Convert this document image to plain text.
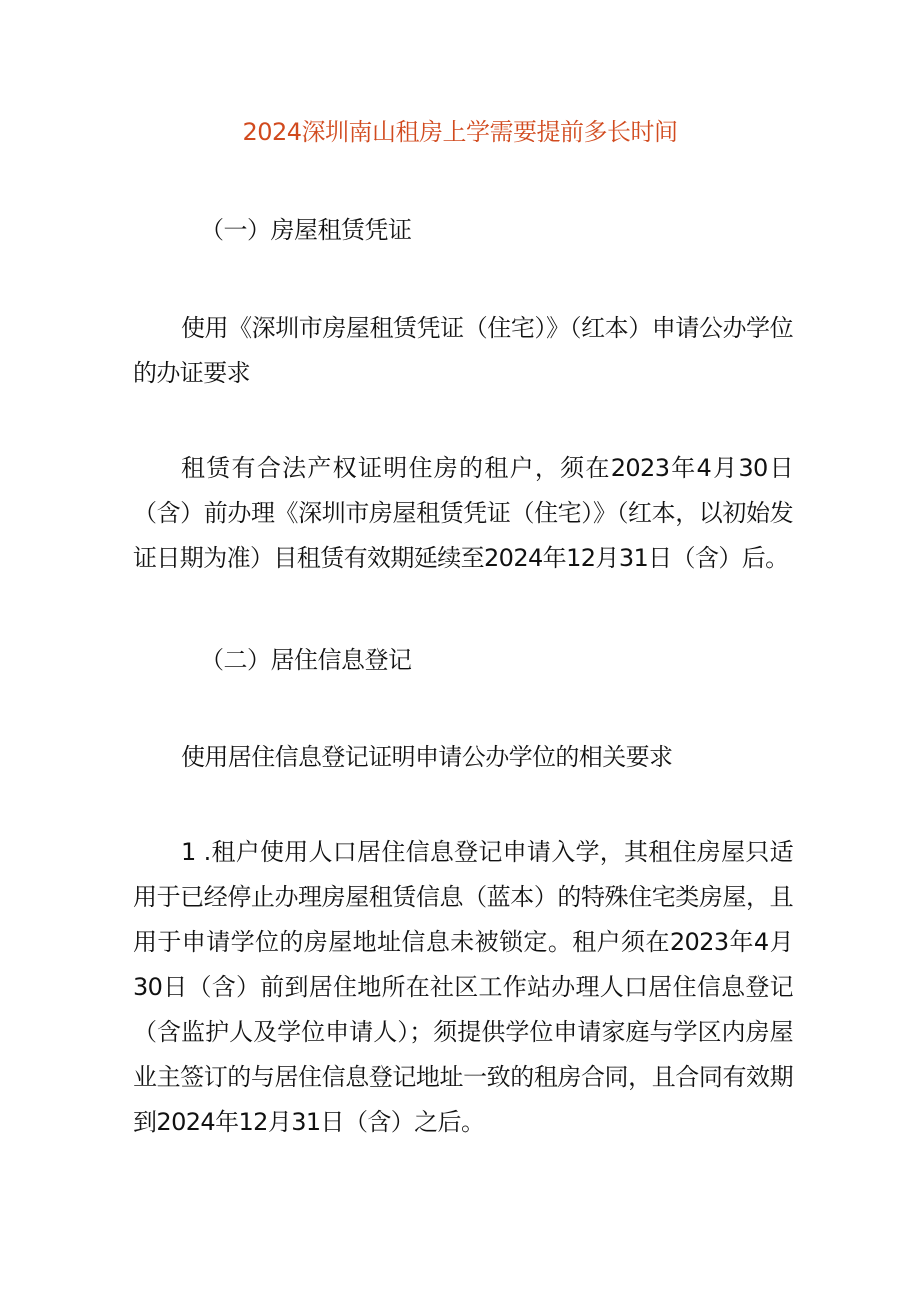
2024深圳南山租房上学需要提前多长时间
（一）房屋租赁凭证
使用《深圳市房屋租赁凭证（住宅）》（红本）申请公办学位的办证要求
租赁有合法产权证明住房的租户，须在2023年4月30日（含）前办理《深圳市房屋租赁凭证（住宅）》（红本，以初始发证日期为准）目租赁有效期延续至2024年12月31日（含）后。
（二）居住信息登记
使用居住信息登记证明申请公办学位的相关要求
1 .租户使用人口居住信息登记申请入学，其租住房屋只适用于已经停止办理房屋租赁信息（蓝本）的特殊住宅类房屋，且用于申请学位的房屋地址信息未被锁定。租户须在2023年4月30日（含）前到居住地所在社区工作站办理人口居住信息登记（含监护人及学位申请人）；须提供学位申请家庭与学区内房屋业主签订的与居住信息登记地址一致的租房合同，且合同有效期到2024年12月31日（含）之后。
